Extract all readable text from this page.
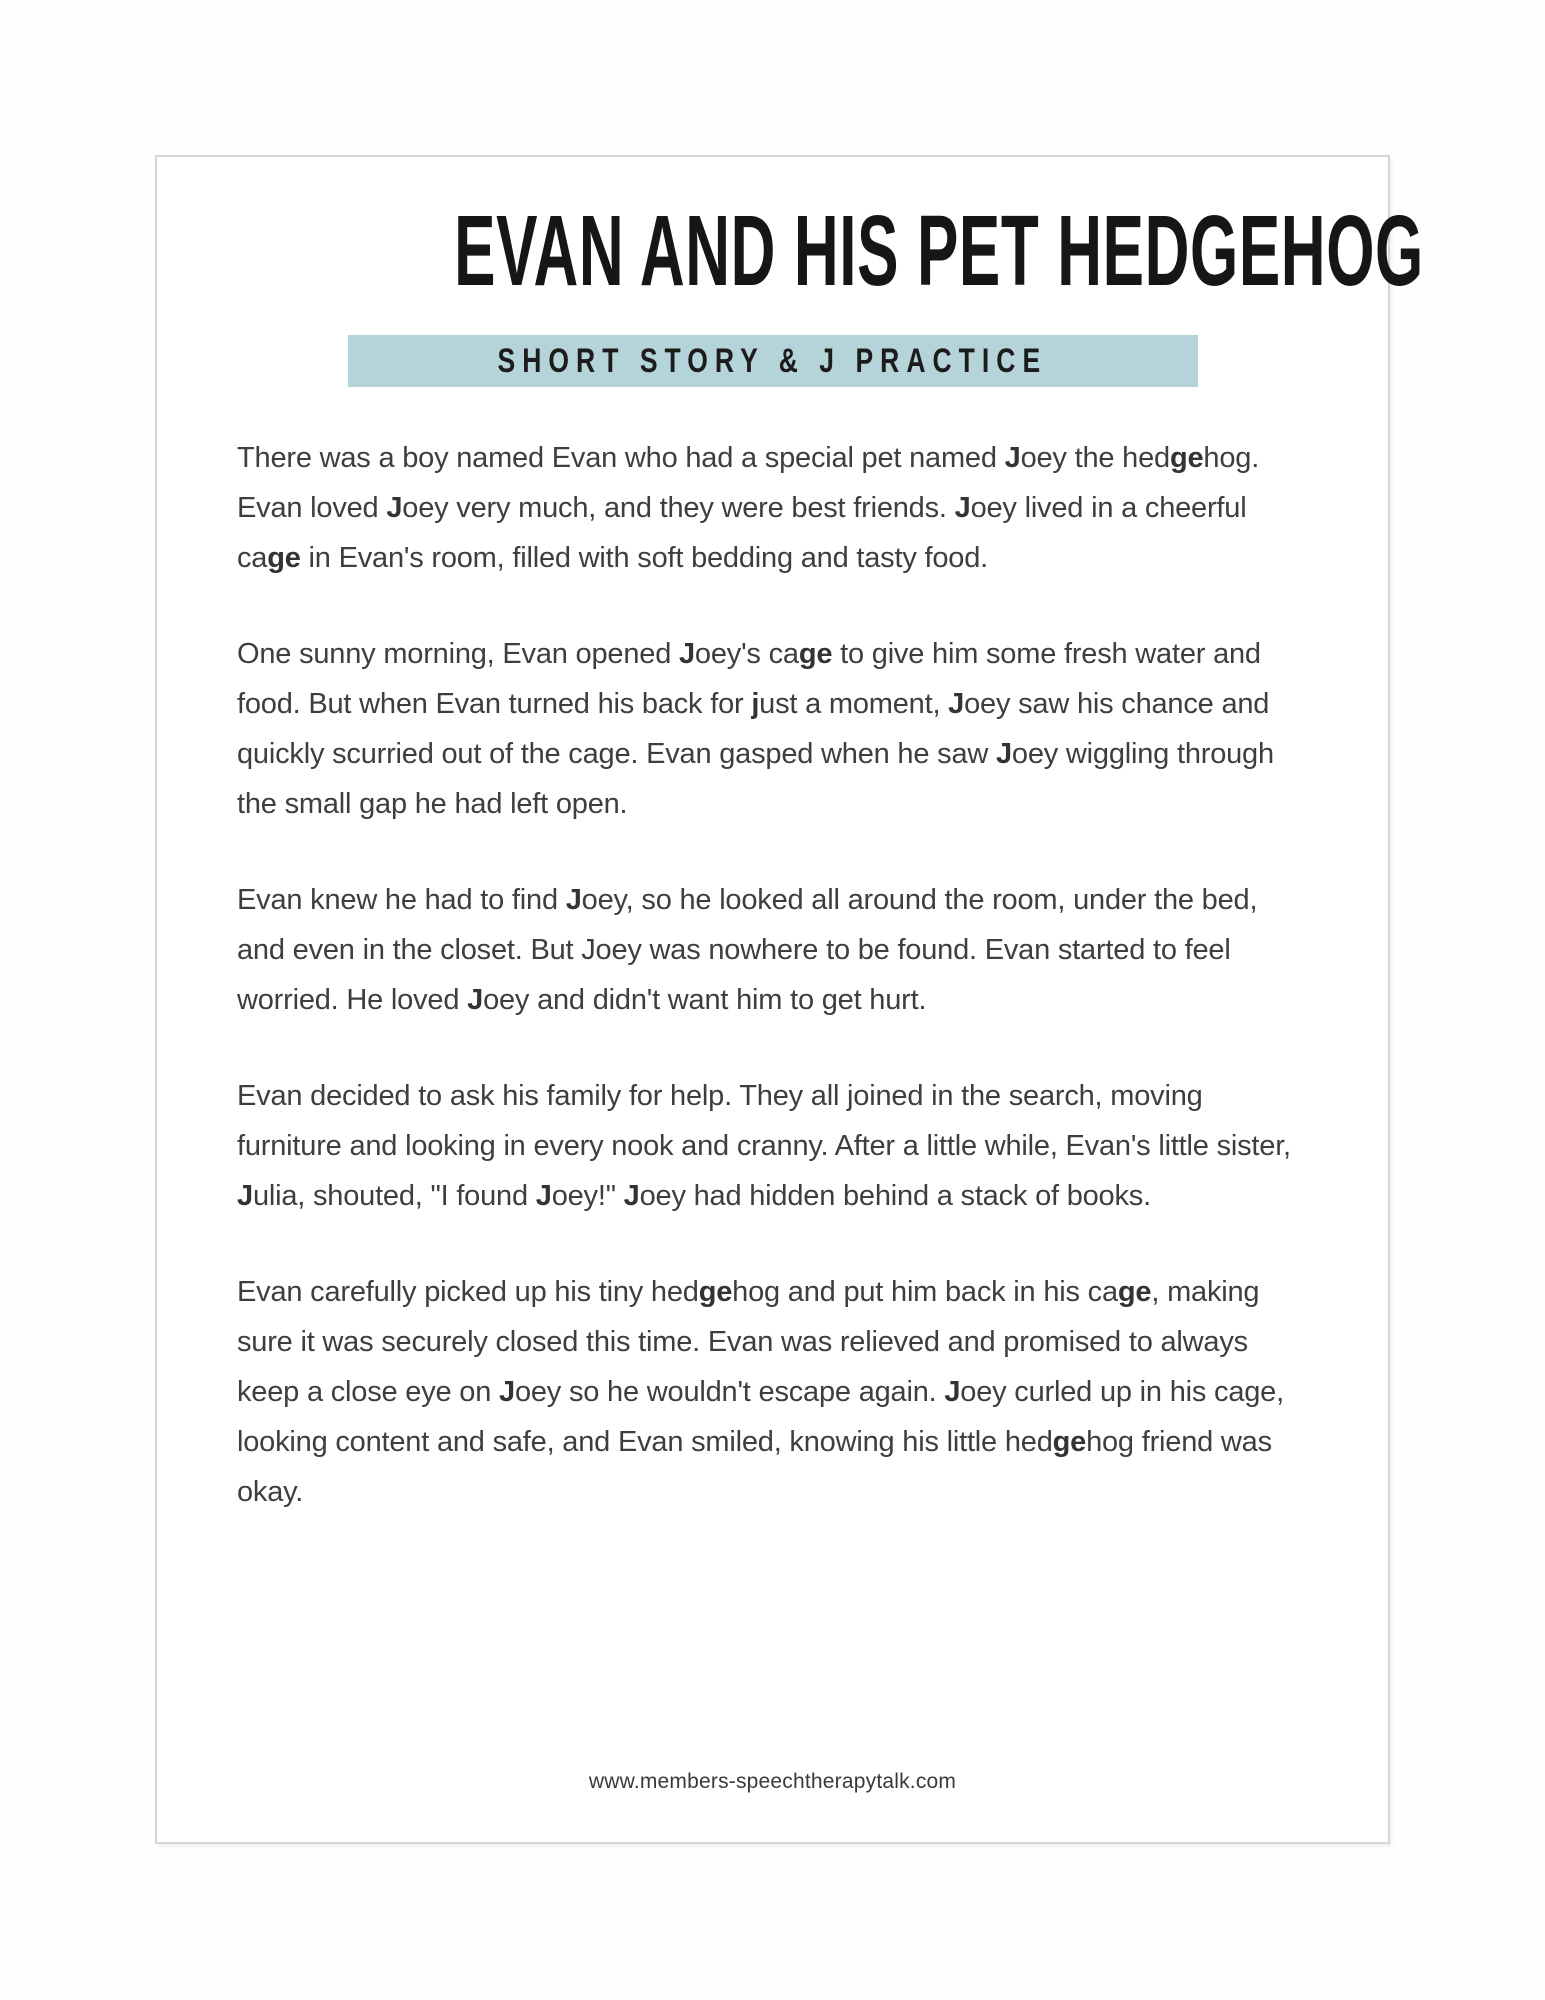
EVAN AND HIS PET HEDGEHOG
SHORT STORY & J PRACTICE

There was a boy named Evan who had a special pet named Joey the hedgehog. Evan loved Joey very much, and they were best friends. Joey lived in a cheerful cage in Evan's room, filled with soft bedding and tasty food.

One sunny morning, Evan opened Joey's cage to give him some fresh water and food. But when Evan turned his back for just a moment, Joey saw his chance and quickly scurried out of the cage. Evan gasped when he saw Joey wiggling through the small gap he had left open.

Evan knew he had to find Joey, so he looked all around the room, under the bed, and even in the closet. But Joey was nowhere to be found. Evan started to feel worried. He loved Joey and didn't want him to get hurt.

Evan decided to ask his family for help. They all joined in the search, moving furniture and looking in every nook and cranny. After a little while, Evan's little sister, Julia, shouted, "I found Joey!" Joey had hidden behind a stack of books.

Evan carefully picked up his tiny hedgehog and put him back in his cage, making sure it was securely closed this time. Evan was relieved and promised to always keep a close eye on Joey so he wouldn't escape again. Joey curled up in his cage, looking content and safe, and Evan smiled, knowing his little hedgehog friend was okay.

www.members-speechtherapytalk.com
